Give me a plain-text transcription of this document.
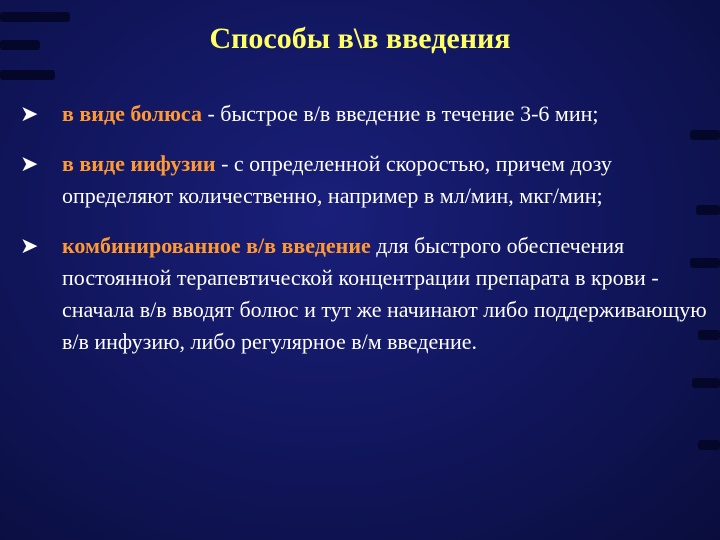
Способы в\в введения
➤	в виде болюса - быстрое в/в введение в течение 3-6 мин;
➤	в виде иифузии - с определенной скоростью, причем дозу определяют количественно, например в мл/мин, мкг/мин;
➤	комбинированное в/в введение для быстрого обеспечения постоянной терапевтической концентрации препарата в крови - сначала в/в вводят болюс и тут же начинают либо поддерживающую в/в инфузию, либо регулярное в/м введение.
